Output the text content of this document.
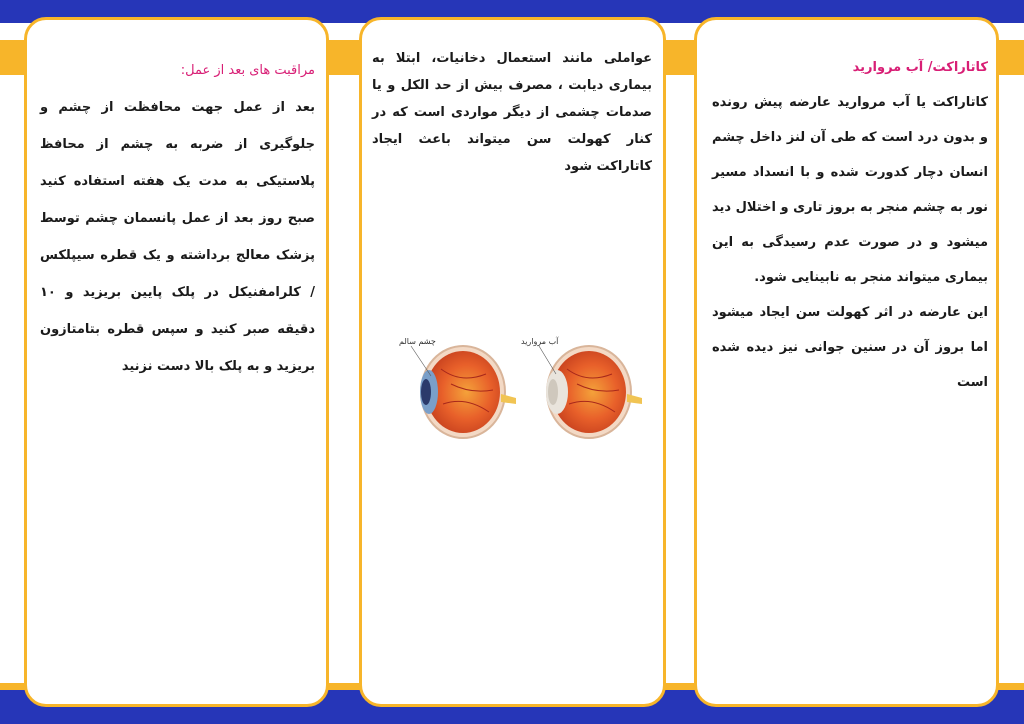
مراقبت های بعد از عمل:
بعد از عمل جهت محافظت از چشم و جلوگیری از ضربه به چشم از محافظ پلاستیکی به مدت یک هفته استفاده کنید صبح روز بعد از عمل پانسمان چشم توسط پزشک معالج برداشته و یک قطره سیپلکس / کلرامفنیکل در پلک پایین بریزید و ۱۰ دقیقه صبر کنید و سپس قطره بتامتازون بریزید و به پلک بالا دست نزنید
عواملی مانند استعمال دخانیات، ابتلا به بیماری دیابت ، مصرف بیش از حد الکل و یا صدمات چشمی از دیگر مواردی است که در کنار کهولت سن میتواند باعث ایجاد کاتاراکت شود
چشم سالم	آب مروارید
کاتاراکت/ آب مروارید
کاتاراکت یا آب مروارید عارضه پیش رونده و بدون درد است که طی آن لنز داخل چشم انسان دچار کدورت شده و با انسداد مسیر نور به چشم منجر به بروز تاری و اختلال دید میشود و در صورت عدم رسیدگی به این بیماری میتواند منجر به نابینایی شود.
این عارضه در اثر کهولت سن ایجاد میشود اما بروز آن در سنین جوانی نیز دیده شده است
